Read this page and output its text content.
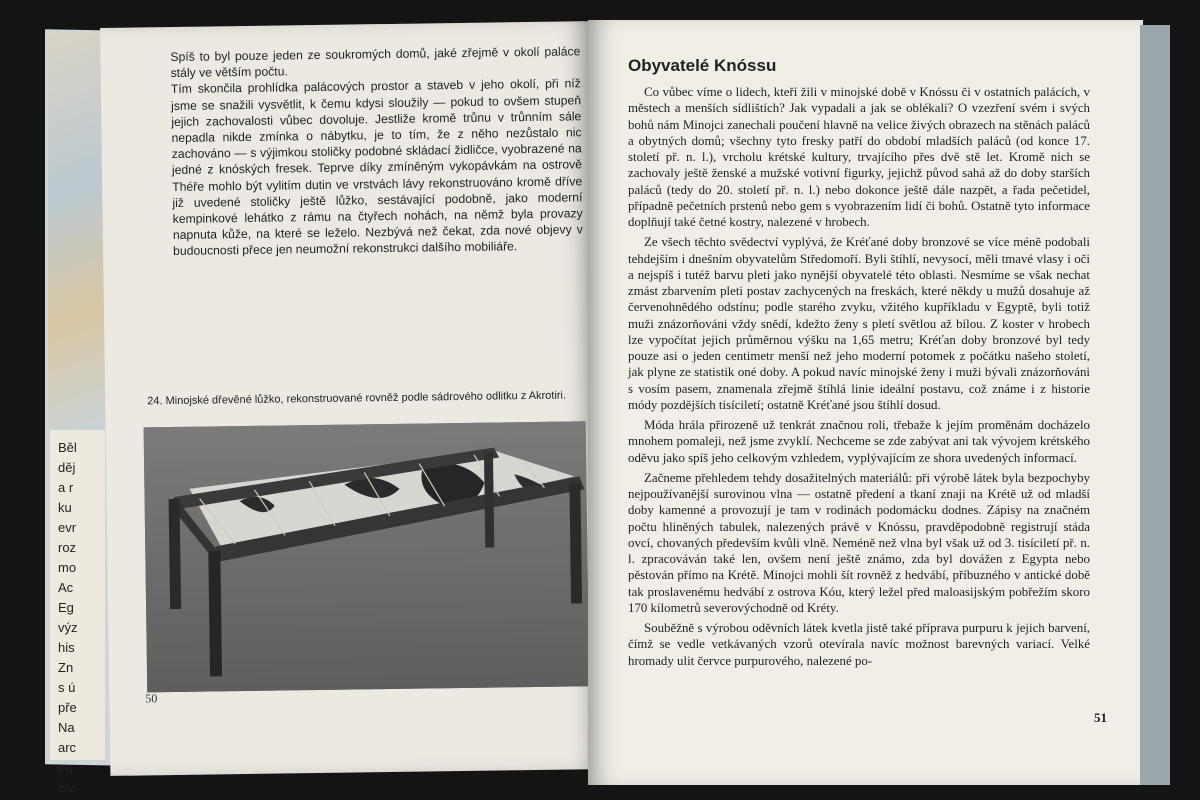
Běl
děj
a r
ku
evr
roz
mo
Ac
Eg
výz
his
Zn
s ú
pře
Na
arc
pu
živ

Spíš to byl pouze jeden ze soukromých domů, jaké zřejmě v okolí paláce stály ve větším počtu.

Tím skončila prohlídka palácových prostor a staveb v jeho okolí, při níž jsme se snažili vysvětlit, k čemu kdysi sloužily — pokud to ovšem stupeň jejich zachovalosti vůbec dovoluje. Jestliže kromě trůnu v trůnním sále nepadla nikde zmínka o nábytku, je to tím, že z něho nezůstalo nic zachováno — s výjimkou stoličky podobné skládací židličce, vyobrazené na jedné z knóských fresek. Teprve díky zmíněným vykopávkám na ostrově Théře mohlo být vylitím dutin ve vrstvách lávy rekonstruováno kromě dříve již uvedené stoličky ještě lůžko, sestávající podobně, jako moderní kempinkové lehátko z rámu na čtyřech nohách, na němž byla provazy napnuta kůže, na které se leželo. Nezbývá než čekat, zda nové objevy v budoucnosti přece jen neumožní rekonstrukci dalšího mobiliáře.

24. Minojské dřevěné lůžko, rekonstruované rovněž podle sádrového odlitku z Akrotiri.
50
Obyvatelé Knóssu

Co vůbec víme o lidech, kteří žili v minojské době v Knóssu či v ostatních palácích, v městech a menších sídlištích? Jak vypadali a jak se oblékali? O vzezření svém i svých bohů nám Minojci zanechali poučení hlavně na velice živých obrazech na stěnách paláců a obytných domů; všechny tyto fresky patří do období mladších paláců (od konce 17. století př. n. l.), vrcholu krétské kultury, trvajícího přes dvě stě let. Kromě nich se zachovaly ještě ženské a mužské votivní figurky, jejichž původ sahá až do doby starších paláců (tedy do 20. století př. n. l.) nebo dokonce ještě dále nazpět, a řada pečetidel, případně pečetních prstenů nebo gem s vyobrazením lidí či bohů. Ostatně tyto informace doplňují také četné kostry, nalezené v hrobech.

Ze všech těchto svědectví vyplývá, že Kréťané doby bronzové se více méně podobali tehdejším i dnešním obyvatelům Středomoří. Byli štíhlí, nevysocí, měli tmavé vlasy i oči a nejspíš i tutéž barvu pleti jako nynější obyvatelé této oblasti. Nesmíme se však nechat zmást zbarvením pleti postav zachycených na freskách, které někdy u mužů dosahuje až červenohnědého odstínu; podle starého zvyku, vžitého kupříkladu v Egyptě, byli totiž muži znázorňováni vždy snědí, kdežto ženy s pletí světlou až bílou. Z koster v hrobech lze vypočítat jejich průměrnou výšku na 1,65 metru; Kréťan doby bronzové byl tedy pouze asi o jeden centimetr menší než jeho moderní potomek z počátku našeho století, jak plyne ze statistik oné doby. A pokud navíc minojské ženy i muži bývali znázorňováni s vosím pasem, znamenala zřejmě štíhlá linie ideální postavu, což známe i z historie módy pozdějších tisíciletí; ostatně Kréťané jsou štíhlí dosud.

Móda hrála přirozeně už tenkrát značnou roli, třebaže k jejím proměnám docházelo mnohem pomaleji, než jsme zvyklí. Nechceme se zde zabývat ani tak vývojem krétského oděvu jako spíš jeho celkovým vzhledem, vyplývajícím ze shora uvedených informací.

Začneme přehledem tehdy dosažitelných materiálů: při výrobě látek byla bezpochyby nejpoužívanější surovinou vlna — ostatně předení a tkaní znaji na Krétě už od mladší doby kamenné a provozují je tam v rodinách podomácku dodnes. Zápisy na značném počtu hliněných tabulek, nalezených právě v Knóssu, pravděpodobně registrují stáda ovcí, chovaných především kvůli vlně. Neméně než vlna byl však už od 3. tisíciletí př. n. l. zpracováván také len, ovšem není ještě známo, zda byl dovážen z Egypta nebo pěstován přímo na Krétě. Minojci mohli šít rovněž z hedvábí, příbuzného v antické době tak proslavenému hedvábí z ostrova Kóu, který ležel před maloasijským pobřežím skoro 170 kilometrů severovýchodně od Kréty.

Souběžně s výrobou oděvních látek kvetla jistě také příprava purpuru k jejich barvení, čímž se vedle vetkávaných vzorů otevírala navíc možnost barevných variací. Velké hromady ulit červce purpurového, nalezené po-

51
